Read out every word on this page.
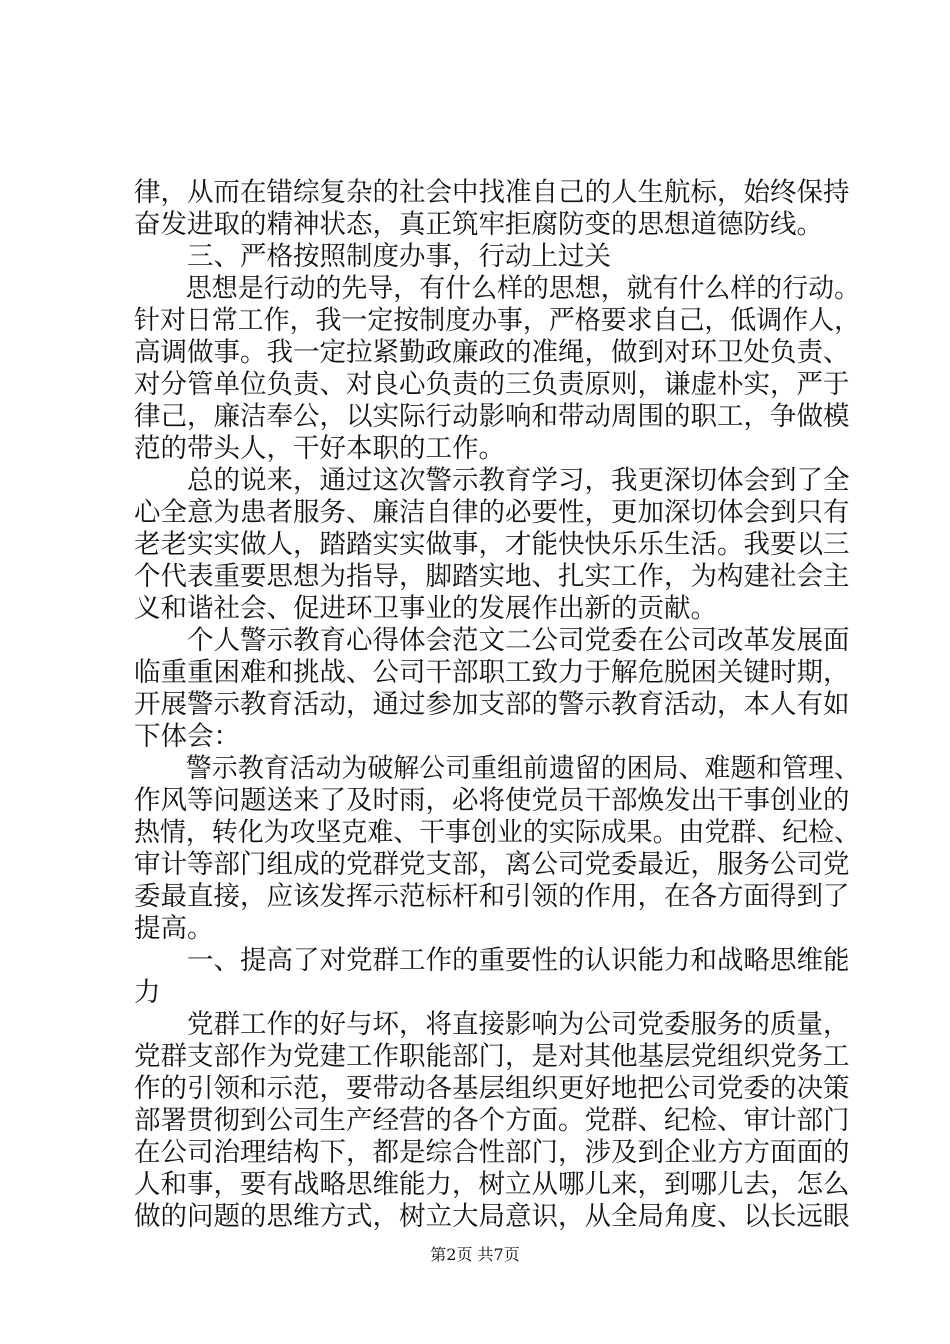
律，从而在错综复杂的社会中找准自己的人生航标，始终保持
奋发进取的精神状态，真正筑牢拒腐防变的思想道德防线。
　　三、严格按照制度办事，行动上过关
　　思想是行动的先导，有什么样的思想，就有什么样的行动。
针对日常工作，我一定按制度办事，严格要求自己，低调作人，
高调做事。我一定拉紧勤政廉政的准绳，做到对环卫处负责、
对分管单位负责、对良心负责的三负责原则，谦虚朴实，严于
律己，廉洁奉公，以实际行动影响和带动周围的职工，争做模
范的带头人，干好本职的工作。
　　总的说来，通过这次警示教育学习，我更深切体会到了全
心全意为患者服务、廉洁自律的必要性，更加深切体会到只有
老老实实做人，踏踏实实做事，才能快快乐乐生活。我要以三
个代表重要思想为指导，脚踏实地、扎实工作，为构建社会主
义和谐社会、促进环卫事业的发展作出新的贡献。
　　个人警示教育心得体会范文二公司党委在公司改革发展面
临重重困难和挑战、公司干部职工致力于解危脱困关键时期，
开展警示教育活动，通过参加支部的警示教育活动，本人有如
下体会：
　　警示教育活动为破解公司重组前遗留的困局、难题和管理、
作风等问题送来了及时雨，必将使党员干部焕发出干事创业的
热情，转化为攻坚克难、干事创业的实际成果。由党群、纪检、
审计等部门组成的党群党支部，离公司党委最近，服务公司党
委最直接，应该发挥示范标杆和引领的作用，在各方面得到了
提高。
　　一、提高了对党群工作的重要性的认识能力和战略思维能
力
　　党群工作的好与坏，将直接影响为公司党委服务的质量，
党群支部作为党建工作职能部门，是对其他基层党组织党务工
作的引领和示范，要带动各基层组织更好地把公司党委的决策
部署贯彻到公司生产经营的各个方面。党群、纪检、审计部门
在公司治理结构下，都是综合性部门，涉及到企业方方面面的
人和事，要有战略思维能力，树立从哪儿来，到哪儿去，怎么
做的问题的思维方式，树立大局意识，从全局角度、以长远眼
第2页 共7页
